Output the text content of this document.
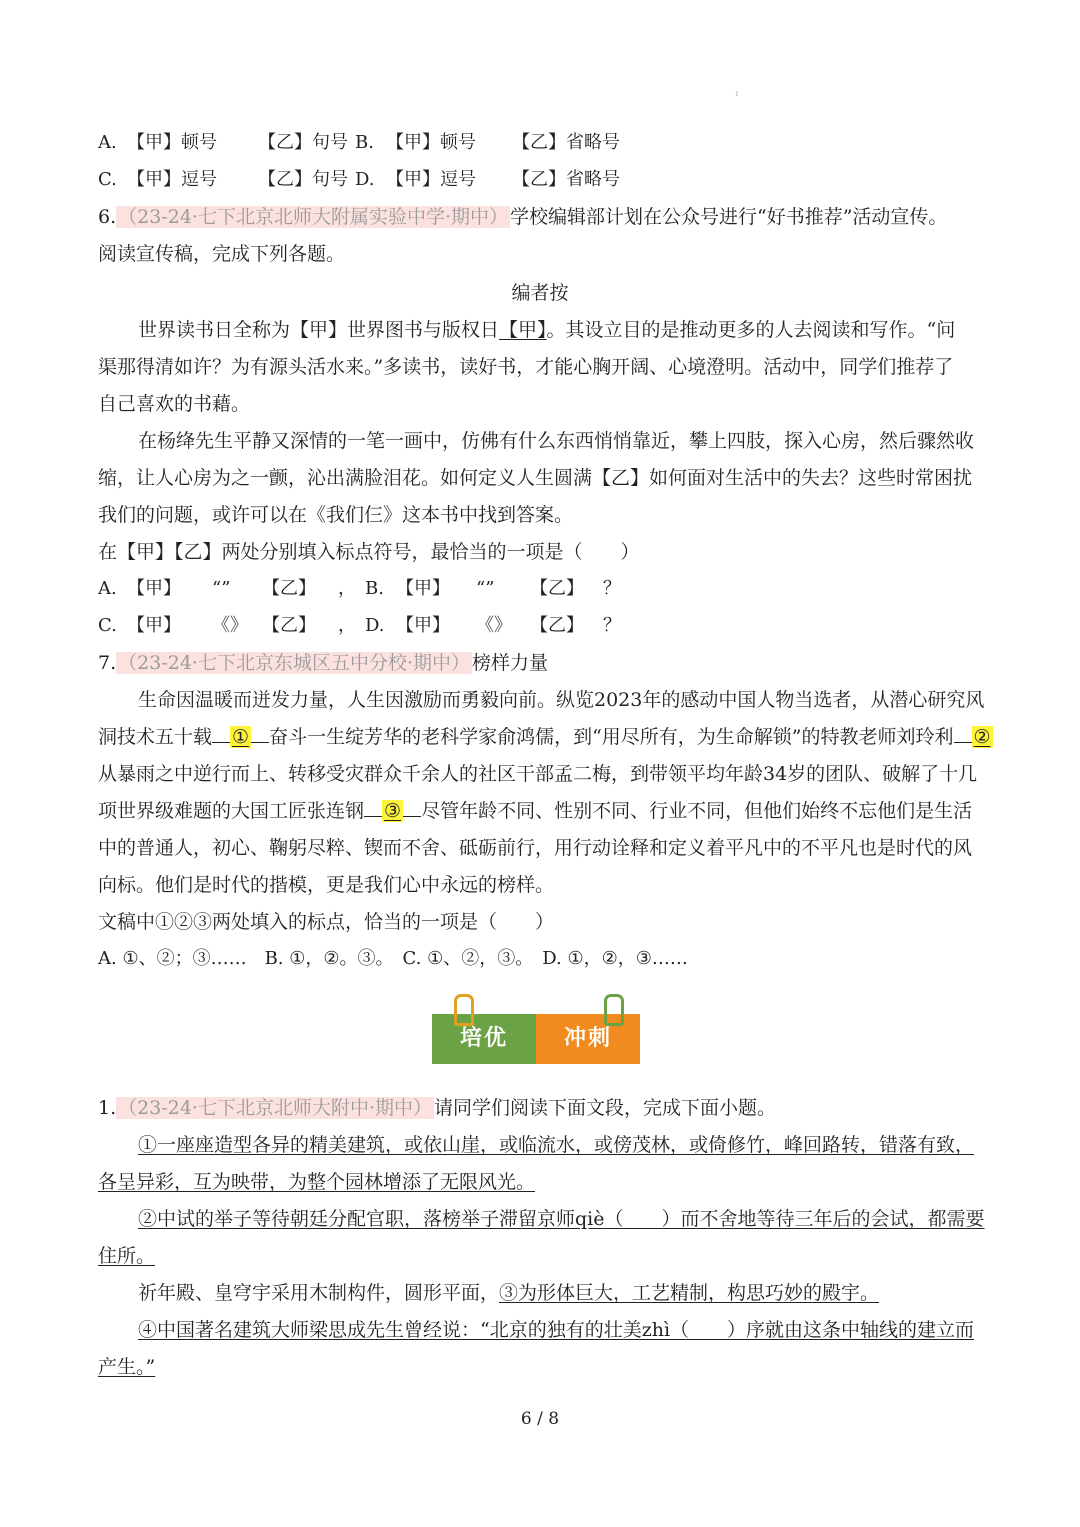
1
A. 【甲】顿号 【乙】句号 B. 【甲】顿号 【乙】省略号
C. 【甲】逗号 【乙】句号 D. 【甲】逗号 【乙】省略号
6. （23-24·七下北京北师大附属实验中学·期中） 学校编辑部计划在公众号进行“好书推荐”活动宣传。
阅读宣传稿，完成下列各题。
编者按
世界读书日全称为【甲】世界图书与版权日【甲】。其设立目的是推动更多的人去阅读和写作。“问
渠那得清如许？为有源头活水来。”多读书，读好书，才能心胸开阔、心境澄明。活动中，同学们推荐了
自己喜欢的书藉。
在杨绛先生平静又深情的一笔一画中，仿佛有什么东西悄悄靠近，攀上四肢，探入心房，然后骤然收
缩，让人心房为之一颤，沁出满脸泪花。如何定义人生圆满【乙】如何面对生活中的失去？这些时常困扰
我们的问题，或许可以在《我们仨》这本书中找到答案。
在【甲】【乙】两处分别填入标点符号，最恰当的一项是（　　）
A. 【甲】 “” 【乙】 ， B. 【甲】 “” 【乙】 ？
C. 【甲】 《》 【乙】 ， D. 【甲】 《》 【乙】 ？
7. （23-24·七下北京东城区五中分校·期中） 榜样力量
生命因温暖而迸发力量，人生因激励而勇毅向前。纵览2023年的感动中国人物当选者，从潜心研究风
洞技术五十载 ① 奋斗一生绽芳华的老科学家俞鸿儒，到“用尽所有，为生命解锁”的特教老师刘玲利 ②
从暴雨之中逆行而上、转移受灾群众千余人的社区干部孟二梅，到带领平均年龄34岁的团队、破解了十几
项世界级难题的大国工匠张连钢 ③ 尽管年龄不同、性别不同、行业不同，但他们始终不忘他们是生活
中的普通人，初心、鞠躬尽粹、锲而不舍、砥砺前行，用行动诠释和定义着平凡中的不平凡也是时代的风
向标。他们是时代的揩模，更是我们心中永远的榜样。
文稿中①②③两处填入的标点，恰当的一项是（　　）
A. ①、②；③……　B. ①，②。③。　C. ①、②，③。　D. ①，②，③……
培优	冲刺
1. （23-24·七下北京北师大附中·期中） 请同学们阅读下面文段，完成下面小题。
①一座座造型各异的精美建筑，或依山崖，或临流水，或傍茂林，或倚修竹，峰回路转，错落有致，
各呈异彩，互为映带，为整个园林增添了无限风光。
②中试的举子等待朝廷分配官职，落榜举子滞留京师qiè（　　）而不舍地等待三年后的会试，都需要
住所。
祈年殿、皇穹宇采用木制构件，圆形平面，③为形体巨大，工艺精制，构思巧妙的殿宇。
④中国著名建筑大师梁思成先生曾经说：“北京的独有的壮美zhì（　　）序就由这条中轴线的建立而
产生。”
6 / 8
